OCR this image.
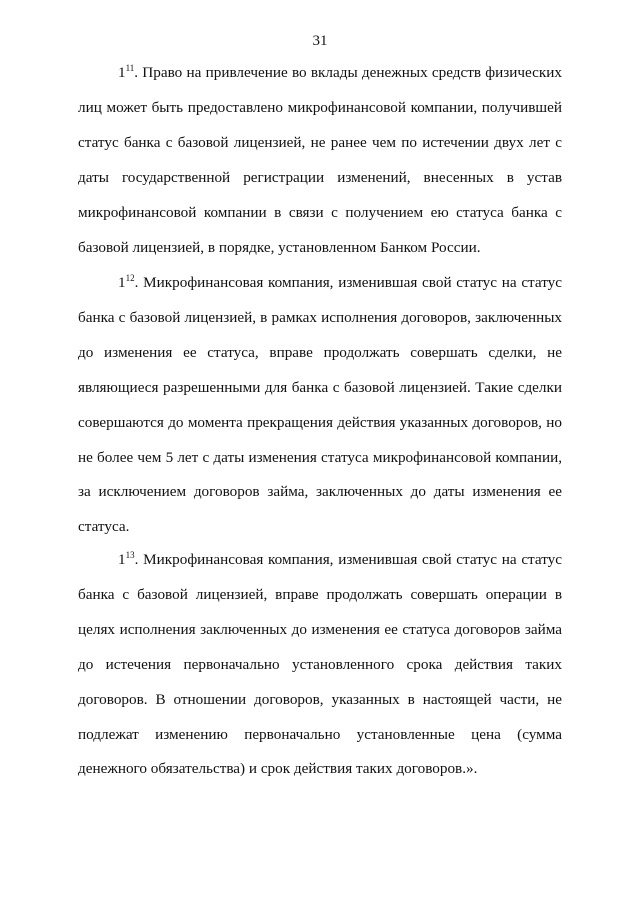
31

$1^{11}$. Право на привлечение во вклады денежных средств физических лиц может быть предоставлено микрофинансовой компании, получившей статус банка с базовой лицензией, не ранее чем по истечении двух лет с даты государственной регистрации изменений, внесенных в устав микрофинансовой компании в связи с получением ею статуса банка с базовой лицензией, в порядке, установленном Банком России.

$1^{12}$. Микрофинансовая компания, изменившая свой статус на статус банка с базовой лицензией, в рамках исполнения договоров, заключенных до изменения ее статуса, вправе продолжать совершать сделки, не являющиеся разрешенными для банка с базовой лицензией. Такие сделки совершаются до момента прекращения действия указанных договоров, но не более чем 5 лет с даты изменения статуса микрофинансовой компании, за исключением договоров займа, заключенных до даты изменения ее статуса.

$1^{13}$. Микрофинансовая компания, изменившая свой статус на статус банка с базовой лицензией, вправе продолжать совершать операции в целях исполнения заключенных до изменения ее статуса договоров займа до истечения первоначально установленного срока действия таких договоров. В отношении договоров, указанных в настоящей части, не подлежат изменению первоначально установленные цена (сумма денежного обязательства) и срок действия таких договоров.».
